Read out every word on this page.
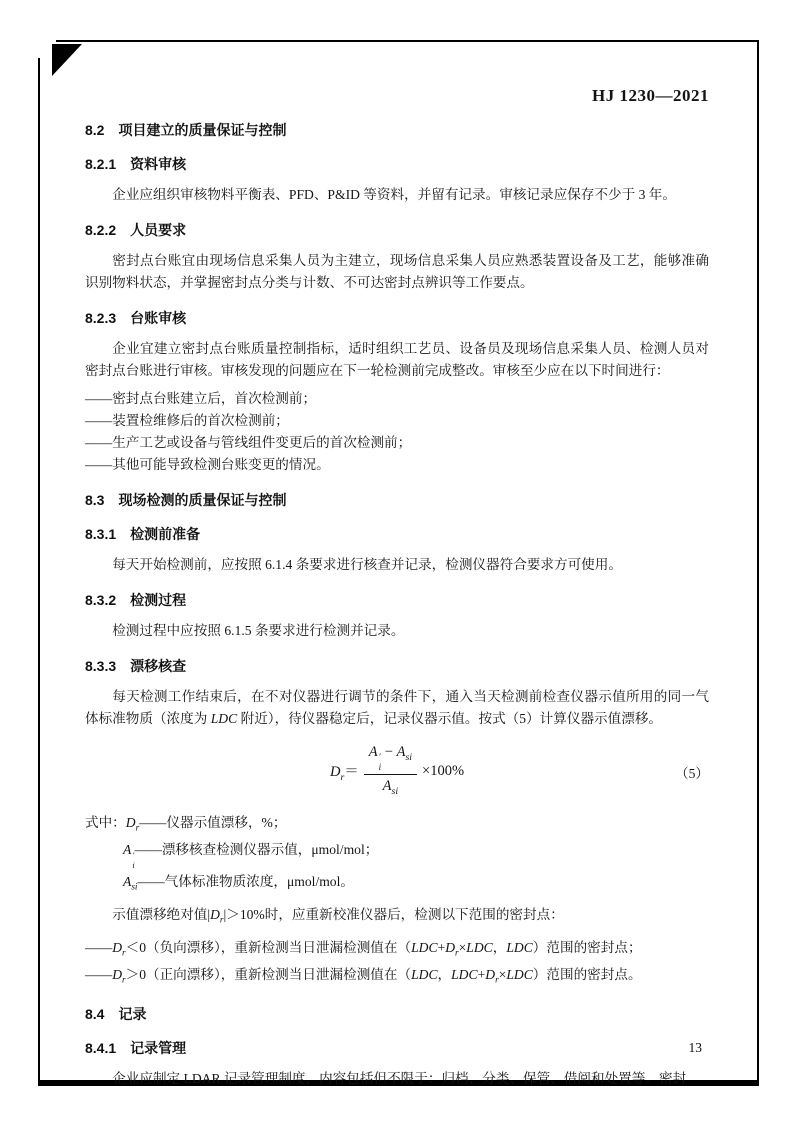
HJ 1230—2021
8.2　项目建立的质量保证与控制
8.2.1　资料审核

企业应组织审核物料平衡表、PFD、P&ID 等资料，并留有记录。审核记录应保存不少于 3 年。

8.2.2　人员要求

密封点台账宜由现场信息采集人员为主建立，现场信息采集人员应熟悉装置设备及工艺，能够准确识别物料状态，并掌握密封点分类与计数、不可达密封点辨识等工作要点。

8.2.3　台账审核

企业宜建立密封点台账质量控制指标，适时组织工艺员、设备员及现场信息采集人员、检测人员对密封点台账进行审核。审核发现的问题应在下一轮检测前完成整改。审核至少应在以下时间进行：

——密封点台账建立后，首次检测前；

——装置检维修后的首次检测前；

——生产工艺或设备与管线组件变更后的首次检测前；

——其他可能导致检测台账变更的情况。

8.3　现场检测的质量保证与控制
8.3.1　检测前准备

每天开始检测前，应按照 6.1.4 条要求进行核查并记录，检测仪器符合要求方可使用。

8.3.2　检测过程

检测过程中应按照 6.1.5 条要求进行检测并记录。

8.3.3　漂移核查

每天检测工作结束后，在不对仪器进行调节的条件下，通入当天检测前检查仪器示值所用的同一气体标准物质（浓度为 LDC 附近），待仪器稳定后，记录仪器示值。按式（5）计算仪器示值漂移。

$D_r= A$ ′
i
− $A_{si}$
$A_{si} \times 100\%$	（5）

式中：$D_r——$仪器示值漂移，%；

A ′
i
——漂移核查检测仪器示值，μmol/mol；

$A_{si}——$气体标准物质浓度，μmol/mol。

示值漂移绝对值$|D_r|>10\%$时，应重新校准仪器后，检测以下范围的密封点：

$——D_r<0$（负向漂移），重新检测当日泄漏检测值在（$LDC+D_r\times LDC$，LDC）范围的密封点；

$——D_r>0$（正向漂移），重新检测当日泄漏检测值在（LDC，$LDC+D_r\times LDC$）范围的密封点。

8.4　记录
8.4.1　记录管理

企业应制定 LDAR 记录管理制度，内容包括但不限于：归档、分类、保管、借阅和处置等。密封

13
